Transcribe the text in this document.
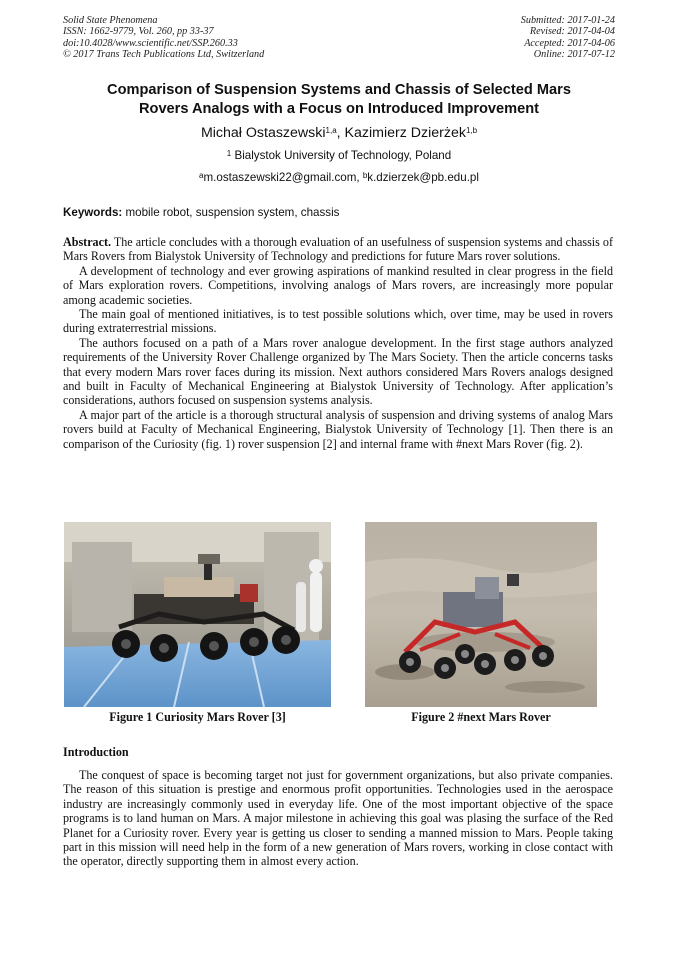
Solid State Phenomena
ISSN: 1662-9779, Vol. 260, pp 33-37
doi:10.4028/www.scientific.net/SSP.260.33
© 2017 Trans Tech Publications Ltd, Switzerland
Submitted: 2017-01-24
Revised: 2017-04-04
Accepted: 2017-04-06
Online: 2017-07-12
Comparison of Suspension Systems and Chassis of Selected Mars
Rovers Analogs with a Focus on Introduced Improvement
Michał Ostaszewski$^{1,a}$, Kazimierz Dzierżek$^{1,b}$
$^1$ Bialystok University of Technology, Poland
$^a$m.ostaszewski22@gmail.com, $^b$k.dzierzek@pb.edu.pl
Keywords: mobile robot, suspension system, chassis

Abstract. The article concludes with a thorough evaluation of an usefulness of suspension systems and chassis of Mars Rovers from Bialystok University of Technology and predictions for future Mars rover solutions.

A development of technology and ever growing aspirations of mankind resulted in clear progress in the field of Mars exploration rovers. Competitions, involving analogs of Mars rovers, are increasingly more popular among academic societies.

The main goal of mentioned initiatives, is to test possible solutions which, over time, may be used in rovers during extraterrestrial missions.

The authors focused on a path of a Mars rover analogue development. In the first stage authors analyzed requirements of the University Rover Challenge organized by The Mars Society. Then the article concerns tasks that every modern Mars rover faces during its mission. Next authors considered Mars Rovers analogs designed and built in Faculty of Mechanical Engineering at Bialystok University of Technology. After application’s considerations, authors focused on suspension systems analysis.

A major part of the article is a thorough structural analysis of suspension and driving systems of analog Mars rovers build at Faculty of Mechanical Engineering, Bialystok University of Technology [1]. Then there is an comparison of the Curiosity (fig. 1) rover suspension [2] and internal frame with #next Mars Rover (fig. 2).

Figure 1 Curiosity Mars Rover [3]	Figure 2 #next Mars Rover
Introduction

The conquest of space is becoming target not just for government organizations, but also private companies. The reason of this situation is prestige and enormous profit opportunities. Technologies used in the aerospace industry are increasingly commonly used in everyday life. One of the most important objective of the space programs is to land human on Mars. A major milestone in achieving this goal was plasing the surface of the Red Planet for a Curiosity rover. Every year is getting us closer to sending a manned mission to Mars. People taking part in this mission will need help in the form of a new generation of Mars rovers, working in close contact with the operator, directly supporting them in almost every action.
